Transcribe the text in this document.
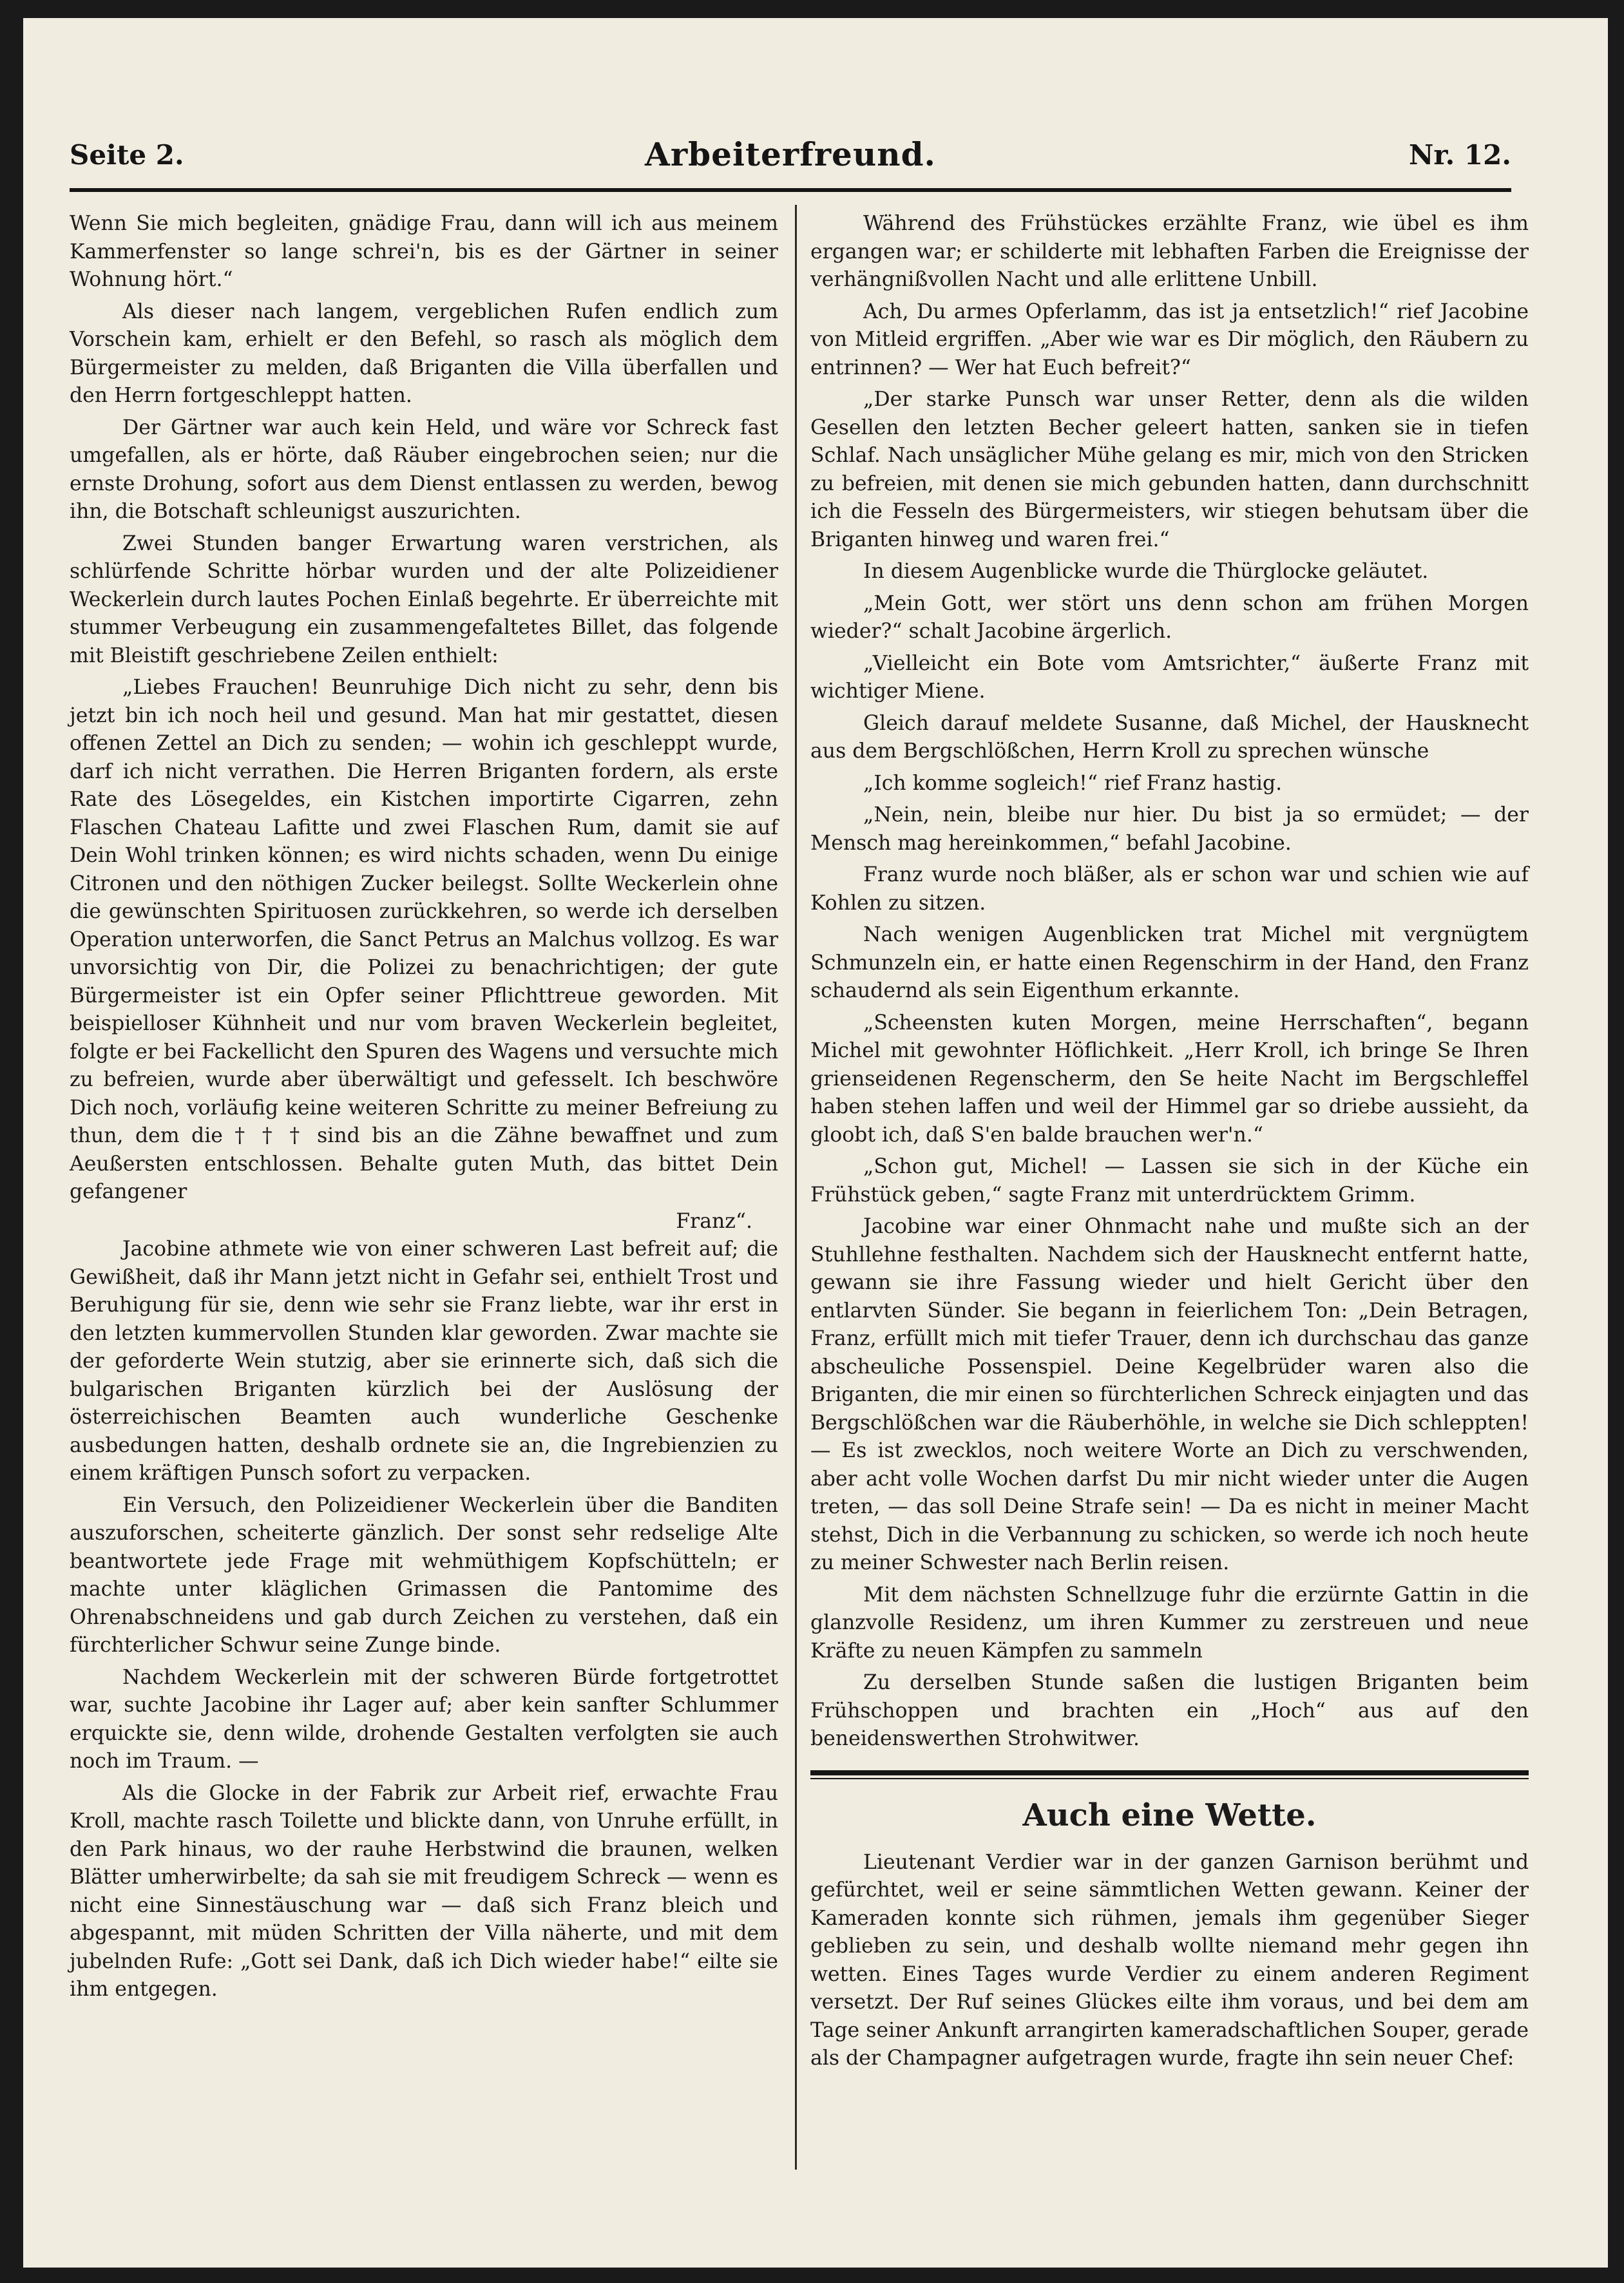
Seite 2.	Arbeiterfreund.	Nr. 12.

Wenn Sie mich begleiten, gnädige Frau, dann will ich aus meinem Kammerfenster so lange schrei'n, bis es der Gärtner in seiner Wohnung hört.“

Als dieser nach langem, vergeblichen Rufen endlich zum Vorschein kam, erhielt er den Befehl, so rasch als möglich dem Bürgermeister zu melden, daß Briganten die Villa überfallen und den Herrn fortgeschleppt hatten.

Der Gärtner war auch kein Held, und wäre vor Schreck fast umgefallen, als er hörte, daß Räuber eingebrochen seien; nur die ernste Drohung, sofort aus dem Dienst entlassen zu werden, bewog ihn, die Botschaft schleunigst auszurichten.

Zwei Stunden banger Erwartung waren verstrichen, als schlürfende Schritte hörbar wurden und der alte Polizeidiener Weckerlein durch lautes Pochen Einlaß begehrte. Er überreichte mit stummer Verbeugung ein zusammengefaltetes Billet, das folgende mit Bleistift geschriebene Zeilen enthielt:

„Liebes Frauchen! Beunruhige Dich nicht zu sehr, denn bis jetzt bin ich noch heil und gesund. Man hat mir gestattet, diesen offenen Zettel an Dich zu senden; — wohin ich geschleppt wurde, darf ich nicht verrathen. Die Herren Briganten fordern, als erste Rate des Lösegeldes, ein Kistchen importirte Cigarren, zehn Flaschen Chateau Lafitte und zwei Flaschen Rum, damit sie auf Dein Wohl trinken können; es wird nichts schaden, wenn Du einige Citronen und den nöthigen Zucker beilegst. Sollte Weckerlein ohne die gewünschten Spirituosen zurückkehren, so werde ich derselben Operation unterworfen, die Sanct Petrus an Malchus vollzog. Es war unvorsichtig von Dir, die Polizei zu benachrichtigen; der gute Bürgermeister ist ein Opfer seiner Pflichttreue geworden. Mit beispielloser Kühnheit und nur vom braven Weckerlein begleitet, folgte er bei Fackellicht den Spuren des Wagens und versuchte mich zu befreien, wurde aber überwältigt und gefesselt. Ich beschwöre Dich noch, vorläufig keine weiteren Schritte zu meiner Befreiung zu thun, dem die † † † sind bis an die Zähne bewaffnet und zum Aeußersten entschlossen. Behalte guten Muth, das bittet Dein gefangener

Franz“.

Jacobine athmete wie von einer schweren Last befreit auf; die Gewißheit, daß ihr Mann jetzt nicht in Gefahr sei, enthielt Trost und Beruhigung für sie, denn wie sehr sie Franz liebte, war ihr erst in den letzten kummervollen Stunden klar geworden. Zwar machte sie der geforderte Wein stutzig, aber sie erinnerte sich, daß sich die bulgarischen Briganten kürzlich bei der Auslösung der österreichischen Beamten auch wunderliche Geschenke ausbedungen hatten, deshalb ordnete sie an, die Ingrebienzien zu einem kräftigen Punsch sofort zu verpacken.

Ein Versuch, den Polizeidiener Weckerlein über die Banditen auszuforschen, scheiterte gänzlich. Der sonst sehr redselige Alte beantwortete jede Frage mit wehmüthigem Kopfschütteln; er machte unter kläglichen Grimassen die Pantomime des Ohrenabschneidens und gab durch Zeichen zu verstehen, daß ein fürchterlicher Schwur seine Zunge binde.

Nachdem Weckerlein mit der schweren Bürde fortgetrottet war, suchte Jacobine ihr Lager auf; aber kein sanfter Schlummer erquickte sie, denn wilde, drohende Gestalten verfolgten sie auch noch im Traum. —

Als die Glocke in der Fabrik zur Arbeit rief, erwachte Frau Kroll, machte rasch Toilette und blickte dann, von Unruhe erfüllt, in den Park hinaus, wo der rauhe Herbstwind die braunen, welken Blätter umherwirbelte; da sah sie mit freudigem Schreck — wenn es nicht eine Sinnestäuschung war — daß sich Franz bleich und abgespannt, mit müden Schritten der Villa näherte, und mit dem jubelnden Rufe: „Gott sei Dank, daß ich Dich wieder habe!“ eilte sie ihm entgegen.

Während des Frühstückes erzählte Franz, wie übel es ihm ergangen war; er schilderte mit lebhaften Farben die Ereignisse der verhängnißvollen Nacht und alle erlittene Unbill.

Ach, Du armes Opferlamm, das ist ja entsetzlich!“ rief Jacobine von Mitleid ergriffen. „Aber wie war es Dir möglich, den Räubern zu entrinnen? — Wer hat Euch befreit?“

„Der starke Punsch war unser Retter, denn als die wilden Gesellen den letzten Becher geleert hatten, sanken sie in tiefen Schlaf. Nach unsäglicher Mühe gelang es mir, mich von den Stricken zu befreien, mit denen sie mich gebunden hatten, dann durchschnitt ich die Fesseln des Bürgermeisters, wir stiegen behutsam über die Briganten hinweg und waren frei.“

In diesem Augenblicke wurde die Thürglocke geläutet.

„Mein Gott, wer stört uns denn schon am frühen Morgen wieder?“ schalt Jacobine ärgerlich.

„Vielleicht ein Bote vom Amtsrichter,“ äußerte Franz mit wichtiger Miene.

Gleich darauf meldete Susanne, daß Michel, der Hausknecht aus dem Bergschlößchen, Herrn Kroll zu sprechen wünsche

„Ich komme sogleich!“ rief Franz hastig.

„Nein, nein, bleibe nur hier. Du bist ja so ermüdet; — der Mensch mag hereinkommen,“ befahl Jacobine.

Franz wurde noch bläßer, als er schon war und schien wie auf Kohlen zu sitzen.

Nach wenigen Augenblicken trat Michel mit vergnügtem Schmunzeln ein, er hatte einen Regenschirm in der Hand, den Franz schaudernd als sein Eigenthum erkannte.

„Scheensten kuten Morgen, meine Herrschaften“, begann Michel mit gewohnter Höflichkeit. „Herr Kroll, ich bringe Se Ihren grienseidenen Regenscherm, den Se heite Nacht im Bergschleffel haben stehen laffen und weil der Himmel gar so driebe aussieht, da gloobt ich, daß S'en balde brauchen wer'n.“

„Schon gut, Michel! — Lassen sie sich in der Küche ein Frühstück geben,“ sagte Franz mit unterdrücktem Grimm.

Jacobine war einer Ohnmacht nahe und mußte sich an der Stuhllehne festhalten. Nachdem sich der Hausknecht entfernt hatte, gewann sie ihre Fassung wieder und hielt Gericht über den entlarvten Sünder. Sie begann in feierlichem Ton: „Dein Betragen, Franz, erfüllt mich mit tiefer Trauer, denn ich durchschau das ganze abscheuliche Possenspiel. Deine Kegelbrüder waren also die Briganten, die mir einen so fürchterlichen Schreck einjagten und das Bergschlößchen war die Räuberhöhle, in welche sie Dich schleppten! — Es ist zwecklos, noch weitere Worte an Dich zu verschwenden, aber acht volle Wochen darfst Du mir nicht wieder unter die Augen treten, — das soll Deine Strafe sein! — Da es nicht in meiner Macht stehst, Dich in die Verbannung zu schicken, so werde ich noch heute zu meiner Schwester nach Berlin reisen.

Mit dem nächsten Schnellzuge fuhr die erzürnte Gattin in die glanzvolle Residenz, um ihren Kummer zu zerstreuen und neue Kräfte zu neuen Kämpfen zu sammeln

Zu derselben Stunde saßen die lustigen Briganten beim Frühschoppen und brachten ein „Hoch“ aus auf den beneidenswerthen Strohwitwer.

Auch eine Wette.

Lieutenant Verdier war in der ganzen Garnison berühmt und gefürchtet, weil er seine sämmtlichen Wetten gewann. Keiner der Kameraden konnte sich rühmen, jemals ihm gegenüber Sieger geblieben zu sein, und deshalb wollte niemand mehr gegen ihn wetten. Eines Tages wurde Verdier zu einem anderen Regiment versetzt. Der Ruf seines Glückes eilte ihm voraus, und bei dem am Tage seiner Ankunft arrangirten kameradschaftlichen Souper, gerade als der Champagner aufgetragen wurde, fragte ihn sein neuer Chef:
